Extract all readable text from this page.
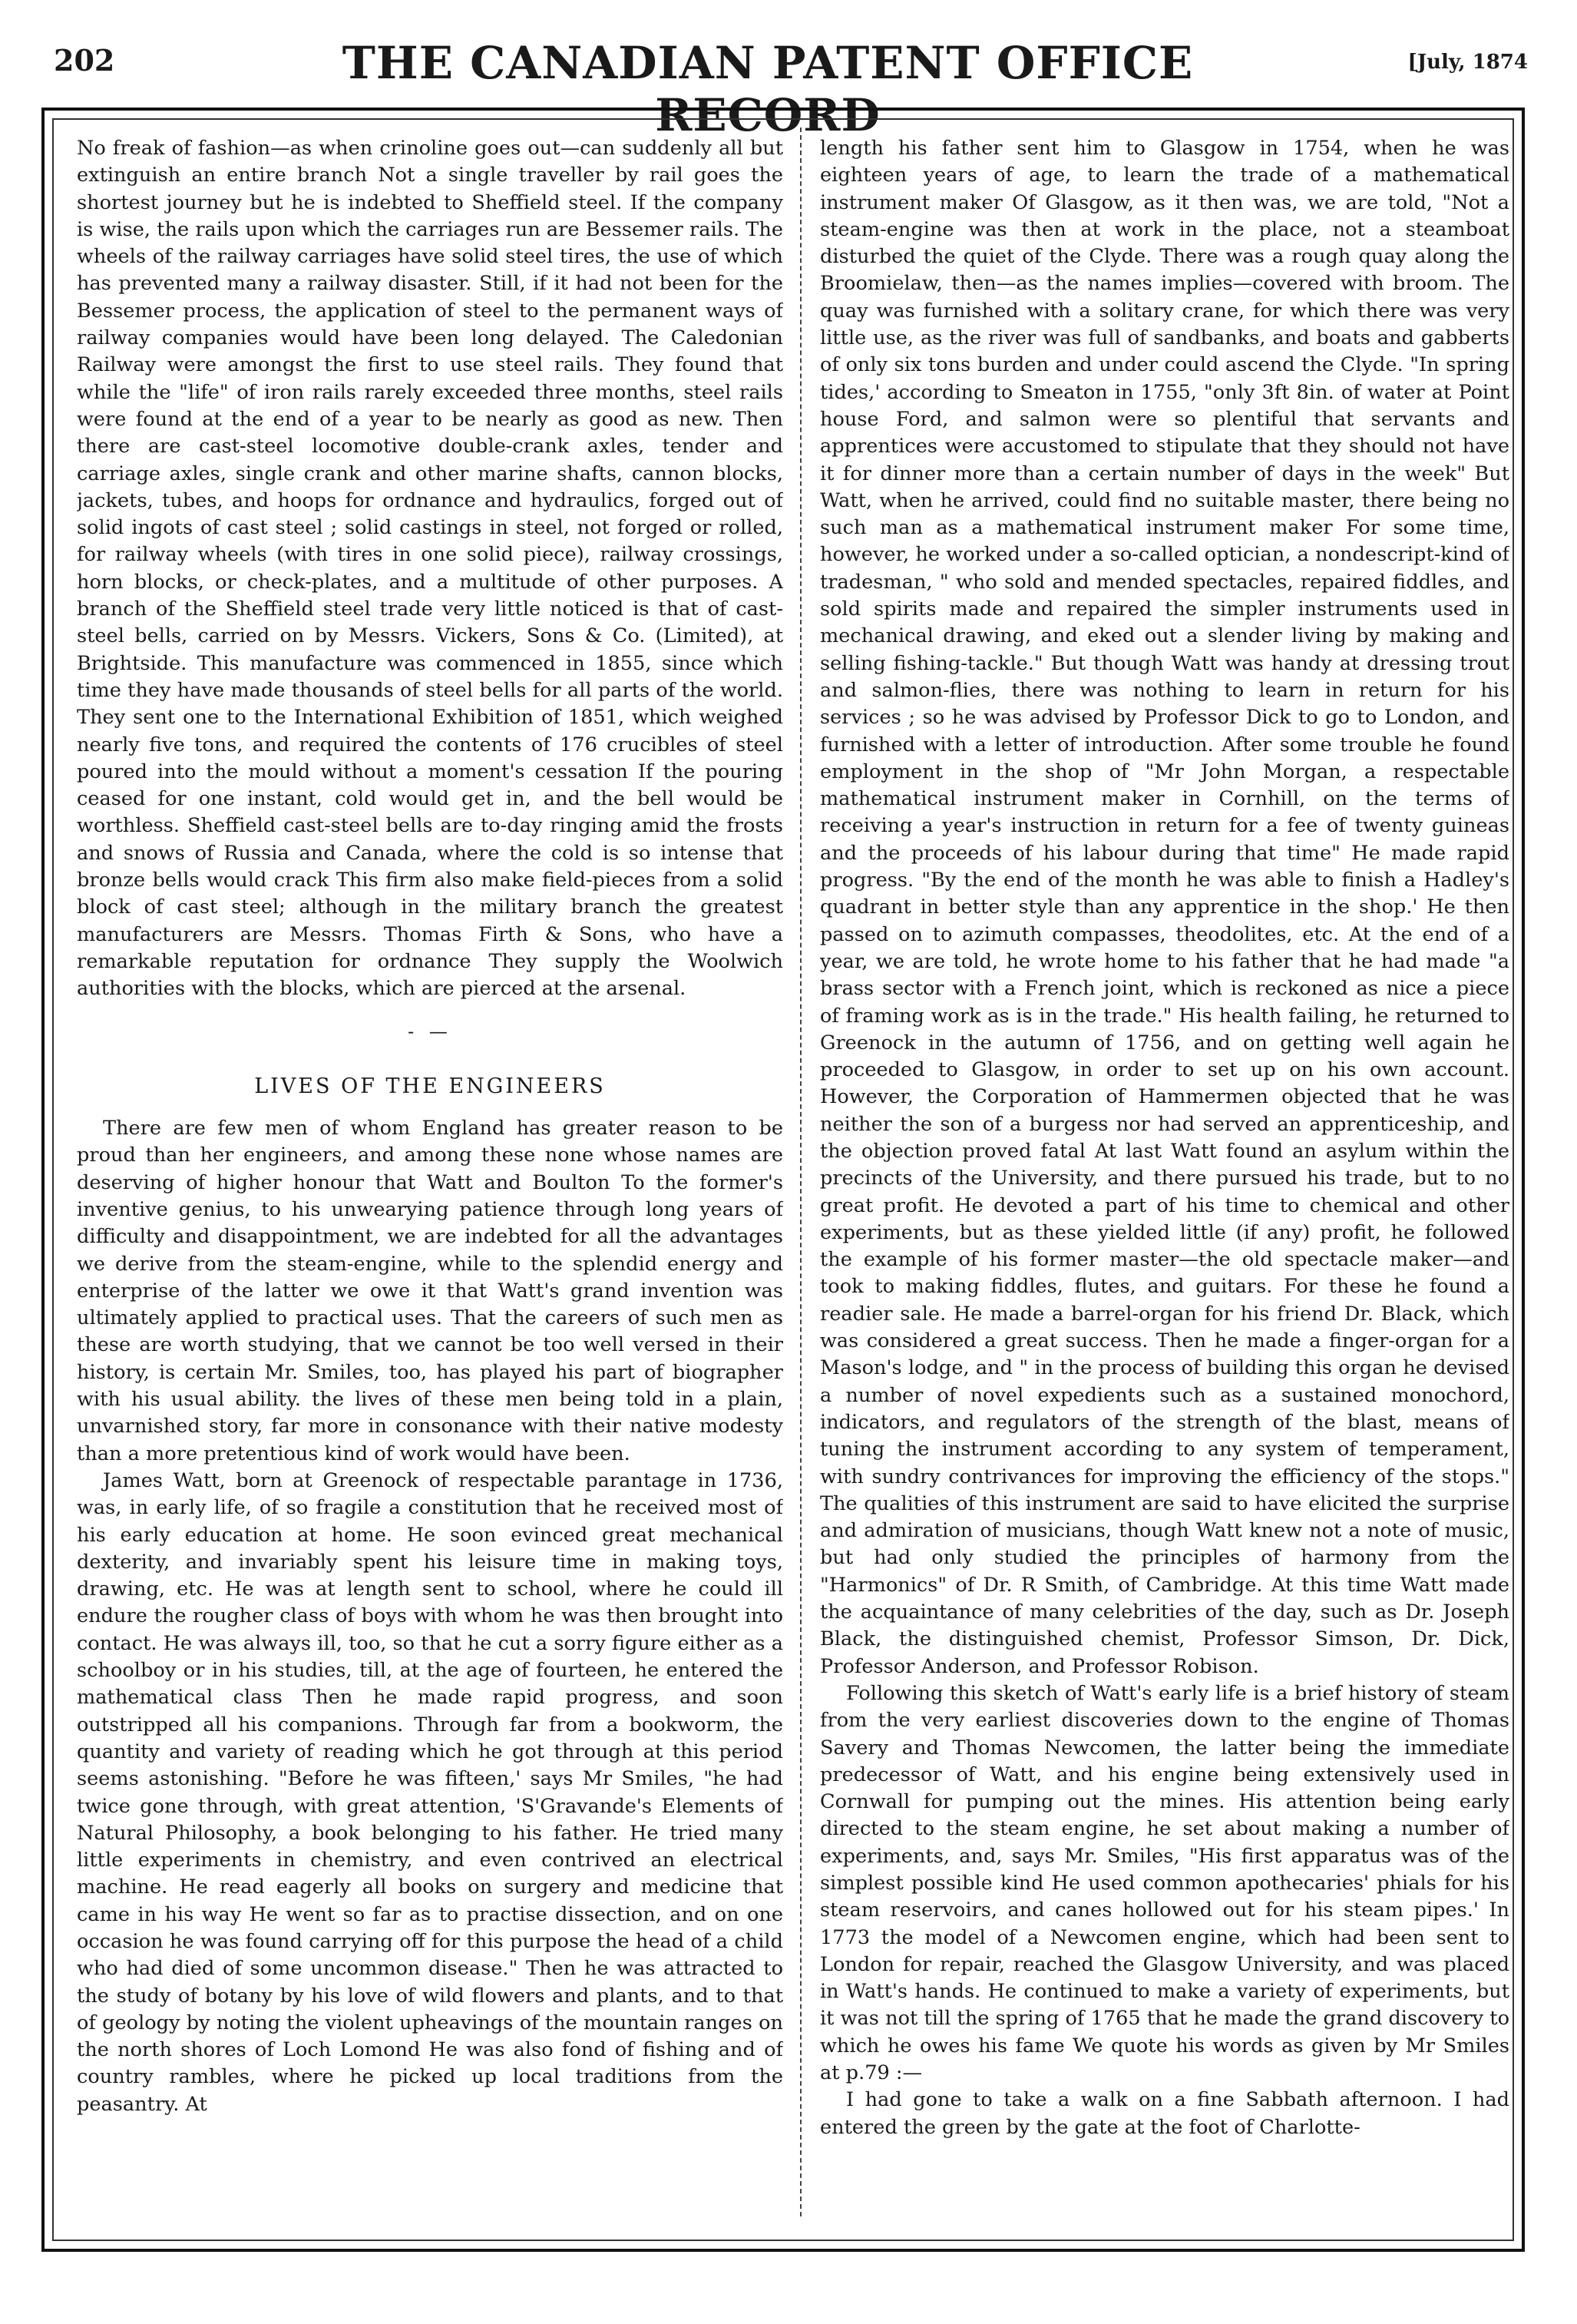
202	THE CANADIAN PATENT OFFICE RECORD
[July, 1874

No freak of fashion—as when crinoline goes out—can suddenly all but extinguish an entire branch Not a single traveller by rail goes the shortest journey but he is indebted to Sheffield steel. If the company is wise, the rails upon which the carriages run are Bessemer rails. The wheels of the railway carriages have solid steel tires, the use of which has prevented many a railway disaster. Still, if it had not been for the Bessemer process, the application of steel to the permanent ways of railway companies would have been long delayed. The Caledonian Railway were amongst the first to use steel rails. They found that while the "life" of iron rails rarely exceeded three months, steel rails were found at the end of a year to be nearly as good as new. Then there are cast-steel locomotive double-crank axles, tender and carriage axles, single crank and other marine shafts, cannon blocks, jackets, tubes, and hoops for ordnance and hydraulics, forged out of solid ingots of cast steel ; solid castings in steel, not forged or rolled, for railway wheels (with tires in one solid piece), railway crossings, horn blocks, or check-plates, and a multitude of other purposes. A branch of the Sheffield steel trade very little noticed is that of cast-steel bells, carried on by Messrs. Vickers, Sons & Co. (Limited), at Brightside. This manufacture was commenced in 1855, since which time they have made thousands of steel bells for all parts of the world. They sent one to the International Exhibition of 1851, which weighed nearly five tons, and required the contents of 176 crucibles of steel poured into the mould without a moment's cessation If the pouring ceased for one instant, cold would get in, and the bell would be worthless. Sheffield cast-steel bells are to-day ringing amid the frosts and snows of Russia and Canada, where the cold is so intense that bronze bells would crack This firm also make field-pieces from a solid block of cast steel; although in the military branch the greatest manufacturers are Messrs. Thomas Firth & Sons, who have a remarkable reputation for ordnance They supply the Woolwich authorities with the blocks, which are pierced at the arsenal.

- —
LIVES OF THE ENGINEERS

There are few men of whom England has greater reason to be proud than her engineers, and among these none whose names are deserving of higher honour that Watt and Boulton To the former's inventive genius, to his unwearying patience through long years of difficulty and disappointment, we are indebted for all the advantages we derive from the steam-engine, while to the splendid energy and enterprise of the latter we owe it that Watt's grand invention was ultimately applied to practical uses. That the careers of such men as these are worth studying, that we cannot be too well versed in their history, is certain Mr. Smiles, too, has played his part of biographer with his usual ability. the lives of these men being told in a plain, unvarnished story, far more in consonance with their native modesty than a more pretentious kind of work would have been.

James Watt, born at Greenock of respectable parantage in 1736, was, in early life, of so fragile a constitution that he received most of his early education at home. He soon evinced great mechanical dexterity, and invariably spent his leisure time in making toys, drawing, etc. He was at length sent to school, where he could ill endure the rougher class of boys with whom he was then brought into contact. He was always ill, too, so that he cut a sorry figure either as a schoolboy or in his studies, till, at the age of fourteen, he entered the mathematical class Then he made rapid progress, and soon outstripped all his companions. Through far from a bookworm, the quantity and variety of reading which he got through at this period seems astonishing. "Before he was fifteen,' says Mr Smiles, "he had twice gone through, with great attention, 'S'Gravande's Elements of Natural Philosophy, a book belonging to his father. He tried many little experiments in chemistry, and even contrived an electrical machine. He read eagerly all books on surgery and medicine that came in his way He went so far as to practise dissection, and on one occasion he was found carrying off for this purpose the head of a child who had died of some uncommon disease." Then he was attracted to the study of botany by his love of wild flowers and plants, and to that of geology by noting the violent upheavings of the mountain ranges on the north shores of Loch Lomond He was also fond of fishing and of country rambles, where he picked up local traditions from the peasantry. At

length his father sent him to Glasgow in 1754, when he was eighteen years of age, to learn the trade of a mathematical instrument maker Of Glasgow, as it then was, we are told, "Not a steam-engine was then at work in the place, not a steamboat disturbed the quiet of the Clyde. There was a rough quay along the Broomielaw, then—as the names implies—covered with broom. The quay was furnished with a solitary crane, for which there was very little use, as the river was full of sandbanks, and boats and gabberts of only six tons burden and under could ascend the Clyde. "In spring tides,' according to Smeaton in 1755, "only 3ft 8in. of water at Point house Ford, and salmon were so plentiful that servants and apprentices were accustomed to stipulate that they should not have it for dinner more than a certain number of days in the week" But Watt, when he arrived, could find no suitable master, there being no such man as a mathematical instrument maker For some time, however, he worked under a so-called optician, a nondescript-kind of tradesman, " who sold and mended spectacles, repaired fiddles, and sold spirits made and repaired the simpler instruments used in mechanical drawing, and eked out a slender living by making and selling fishing-tackle." But though Watt was handy at dressing trout and salmon-flies, there was nothing to learn in return for his services ; so he was advised by Professor Dick to go to London, and furnished with a letter of introduction. After some trouble he found employment in the shop of "Mr John Morgan, a respectable mathematical instrument maker in Cornhill, on the terms of receiving a year's instruction in return for a fee of twenty guineas and the proceeds of his labour during that time" He made rapid progress. "By the end of the month he was able to finish a Hadley's quadrant in better style than any apprentice in the shop.' He then passed on to azimuth compasses, theodolites, etc. At the end of a year, we are told, he wrote home to his father that he had made "a brass sector with a French joint, which is reckoned as nice a piece of framing work as is in the trade." His health failing, he returned to Greenock in the autumn of 1756, and on getting well again he proceeded to Glasgow, in order to set up on his own account. However, the Corporation of Hammermen objected that he was neither the son of a burgess nor had served an apprenticeship, and the objection proved fatal At last Watt found an asylum within the precincts of the University, and there pursued his trade, but to no great profit. He devoted a part of his time to chemical and other experiments, but as these yielded little (if any) profit, he followed the example of his former master—the old spectacle maker—and took to making fiddles, flutes, and guitars. For these he found a readier sale. He made a barrel-organ for his friend Dr. Black, which was considered a great success. Then he made a finger-organ for a Mason's lodge, and " in the process of building this organ he devised a number of novel expedients such as a sustained monochord, indicators, and regulators of the strength of the blast, means of tuning the instrument according to any system of temperament, with sundry contrivances for improving the efficiency of the stops." The qualities of this instrument are said to have elicited the surprise and admiration of musicians, though Watt knew not a note of music, but had only studied the principles of harmony from the "Harmonics" of Dr. R Smith, of Cambridge. At this time Watt made the acquaintance of many celebrities of the day, such as Dr. Joseph Black, the distinguished chemist, Professor Simson, Dr. Dick, Professor Anderson, and Professor Robison.

Following this sketch of Watt's early life is a brief history of steam from the very earliest discoveries down to the engine of Thomas Savery and Thomas Newcomen, the latter being the immediate predecessor of Watt, and his engine being extensively used in Cornwall for pumping out the mines. His attention being early directed to the steam engine, he set about making a number of experiments, and, says Mr. Smiles, "His first apparatus was of the simplest possible kind He used common apothecaries' phials for his steam reservoirs, and canes hollowed out for his steam pipes.' In 1773 the model of a Newcomen engine, which had been sent to London for repair, reached the Glasgow University, and was placed in Watt's hands. He continued to make a variety of experiments, but it was not till the spring of 1765 that he made the grand discovery to which he owes his fame We quote his words as given by Mr Smiles at p.79 :—

I had gone to take a walk on a fine Sabbath afternoon. I had entered the green by the gate at the foot of Charlotte-
